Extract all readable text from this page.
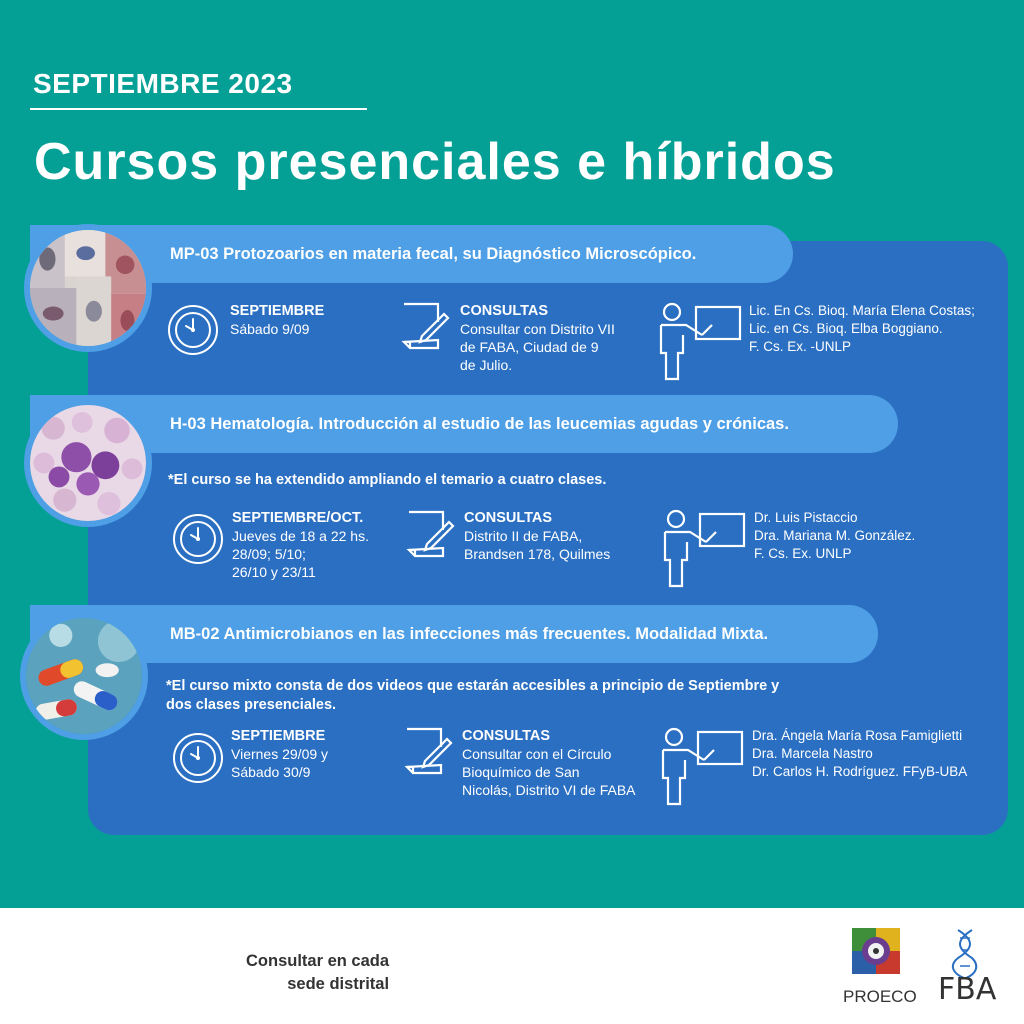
SEPTIEMBRE 2023
Cursos presenciales e híbridos
MP-03 Protozoarios en materia fecal, su Diagnóstico Microscópico.
SEPTIEMBRE
Sábado 9/09
CONSULTAS
Consultar con Distrito VII
de FABA, Ciudad de 9
de Julio.
Lic. En Cs. Bioq. María Elena Costas;
Lic. en Cs. Bioq. Elba Boggiano.
F. Cs. Ex. -UNLP
H-03 Hematología. Introducción al estudio de las leucemias agudas y crónicas.
*El curso se ha extendido ampliando el temario a cuatro clases.
SEPTIEMBRE/OCT.
Jueves de 18 a 22 hs.
28/09; 5/10;
26/10 y 23/11
CONSULTAS
Distrito II de FABA,
Brandsen 178, Quilmes
Dr. Luis Pistaccio
Dra. Mariana M. González.
F. Cs. Ex. UNLP
MB-02 Antimicrobianos en las infecciones más frecuentes. Modalidad Mixta.
*El curso mixto consta de dos videos que estarán accesibles a principio de Septiembre y
dos clases presenciales.
SEPTIEMBRE
Viernes 29/09 y
Sábado 30/9
CONSULTAS
Consultar con el Círculo
Bioquímico de San
Nicolás, Distrito VI de FABA
Dra. Ángela María Rosa Famiglietti
Dra. Marcela Nastro
Dr. Carlos H. Rodríguez. FFyB-UBA
Consultar en cada
sede distrital
PROECO FBA
